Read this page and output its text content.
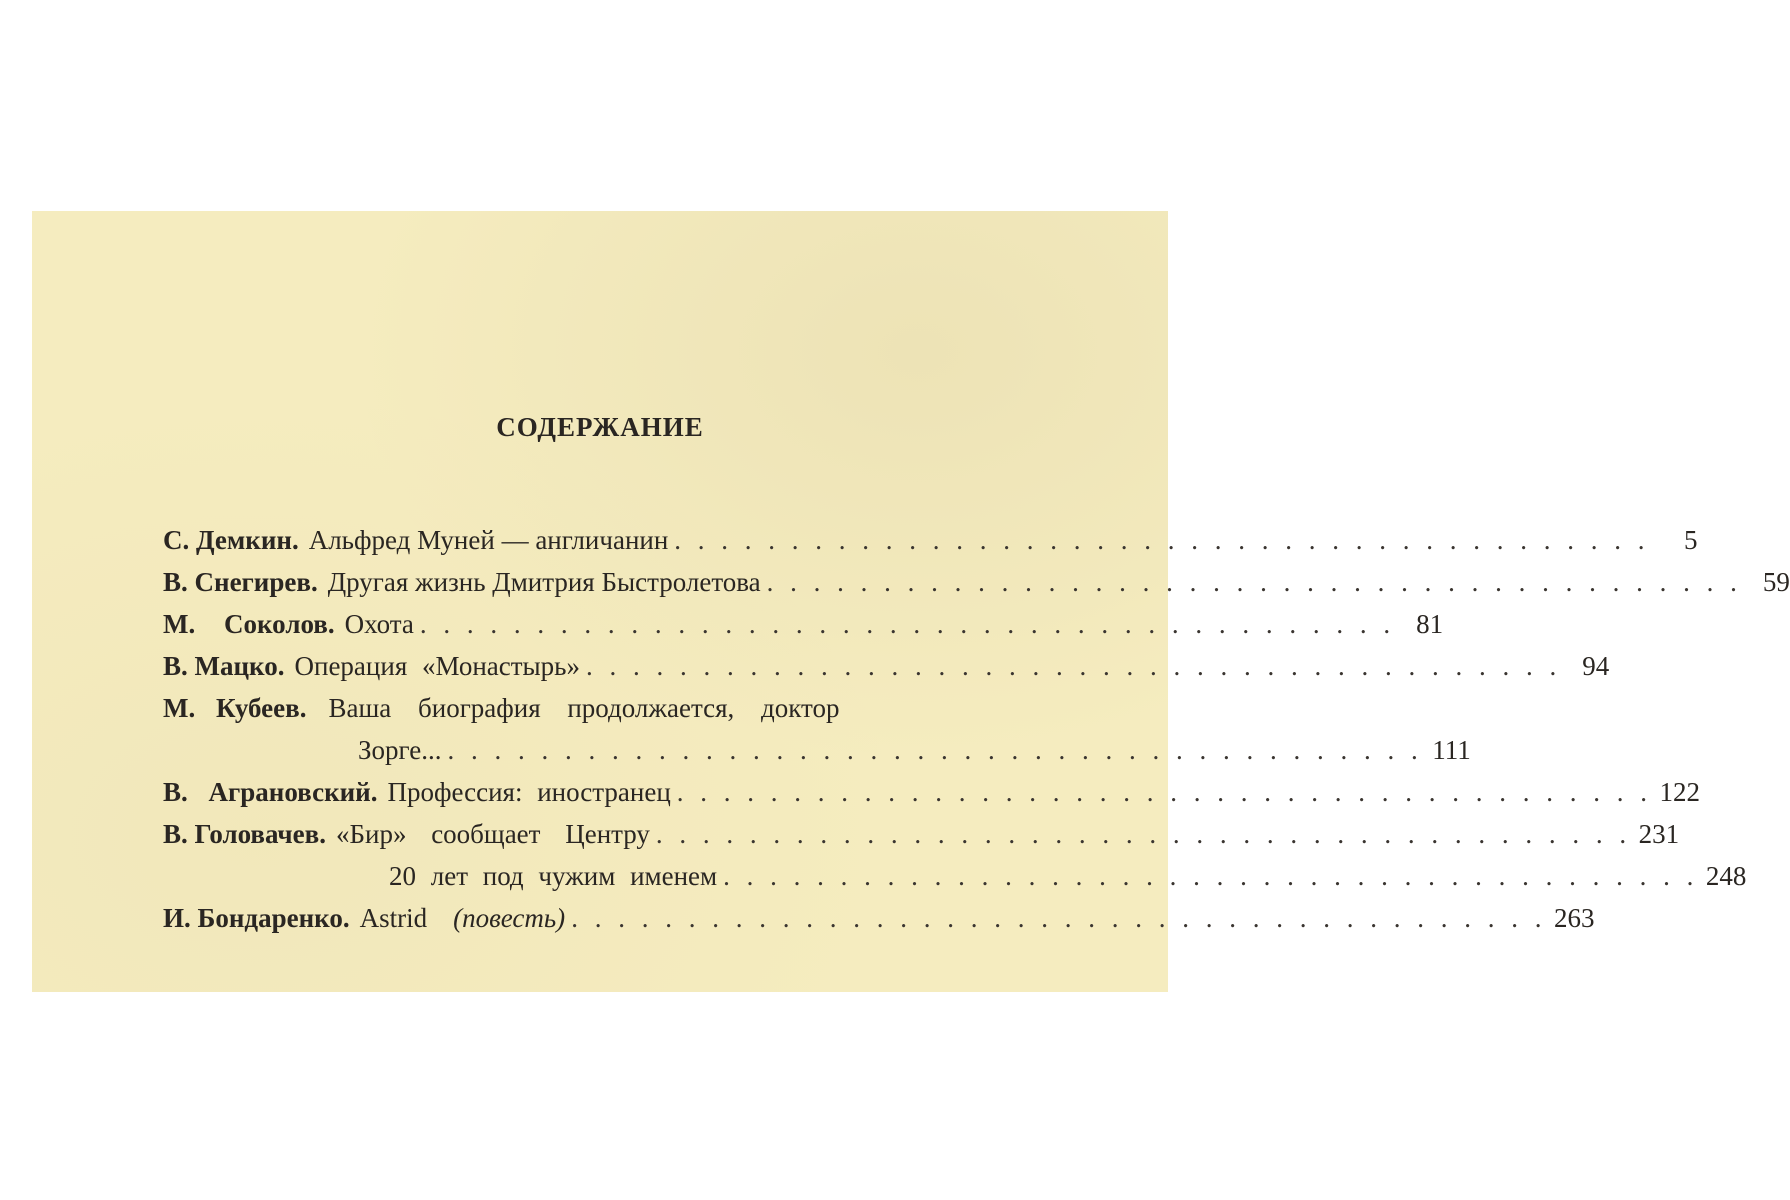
СОДЕРЖАНИЕ
С. Демкин. Альфред Муней — англичанин . . . . . . . . . . . . . . . . . . . . . . . . . . . . . . . . . . . . . . . . . .	5
В. Снегирев. Другая жизнь Дмитрия Быстролетова . . . . . . . . . . . . . . . . . . . . . . . . . . . . . . . . . . . . . . . . . . 59
М. Соколов. Охота . . . . . . . . . . . . . . . . . . . . . . . . . . . . . . . . . . . . . . . . . . 81
В. Мацко. Операция «Монастырь» . . . . . . . . . . . . . . . . . . . . . . . . . . . . . . . . . . . . . . . . . . 94
М. Кубеев. Ваша биография продолжается, доктор
Зорге... . . . . . . . . . . . . . . . . . . . . . . . . . . . . . . . . . . . . . . . . . . 111
В. Аграновский. Профессия: иностранец . . . . . . . . . . . . . . . . . . . . . . . . . . . . . . . . . . . . . . . . . . 122
В. Головачев. «Бир» сообщает Центру . . . . . . . . . . . . . . . . . . . . . . . . . . . . . . . . . . . . . . . . . . 231
20 лет под чужим именем . . . . . . . . . . . . . . . . . . . . . . . . . . . . . . . . . . . . . . . . . . 248
И. Бондаренко. Astrid (повесть) . . . . . . . . . . . . . . . . . . . . . . . . . . . . . . . . . . . . . . . . . . 263
